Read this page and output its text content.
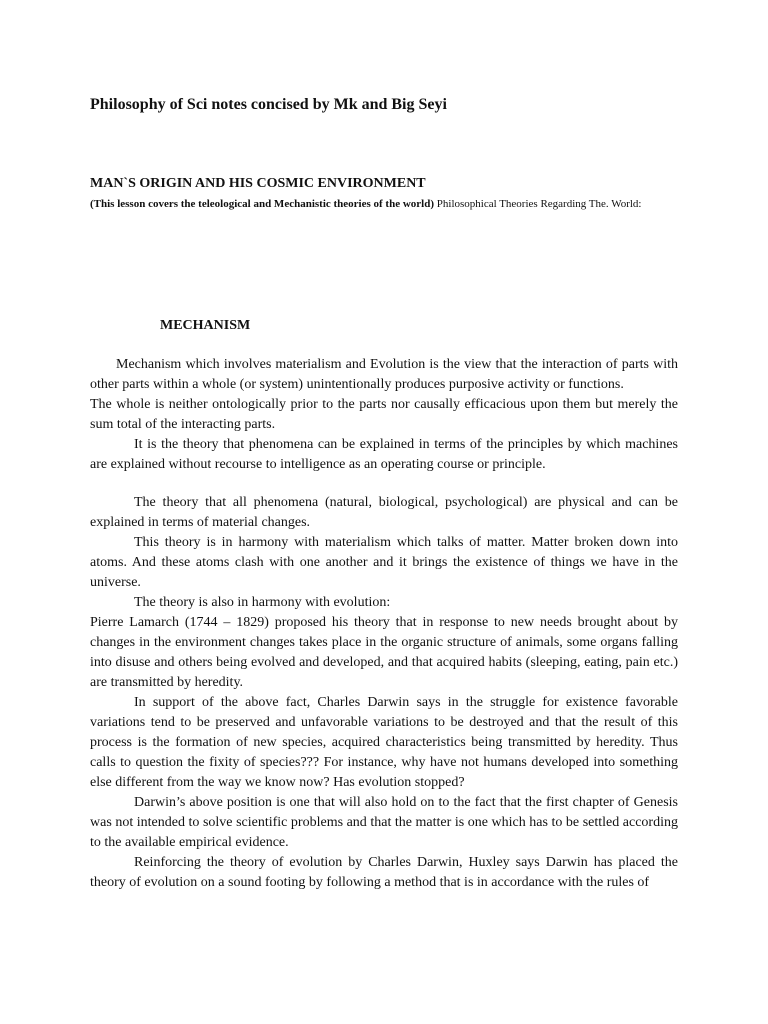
Philosophy of Sci notes concised by Mk and Big Seyi
MAN`S ORIGIN AND HIS COSMIC ENVIRONMENT

(This lesson covers the teleological and Mechanistic theories of the world) Philosophical Theories Regarding The. World:

MECHANISM

Mechanism which involves materialism and Evolution is the view that the interaction of parts with other parts within a whole (or system) unintentionally produces purposive activity or functions.

The whole is neither ontologically prior to the parts nor causally efficacious upon them but merely the sum total of the interacting parts.

It is the theory that phenomena can be explained in terms of the principles by which machines are explained without recourse to intelligence as an operating course or principle.

The theory that all phenomena (natural, biological, psychological) are physical and can be explained in terms of material changes.

This theory is in harmony with materialism which talks of matter. Matter broken down into atoms. And these atoms clash with one another and it brings the existence of things we have in the universe.

The theory is also in harmony with evolution:

Pierre Lamarch (1744 – 1829) proposed his theory that in response to new needs brought about by changes in the environment changes takes place in the organic structure of animals, some organs falling into disuse and others being evolved and developed, and that acquired habits (sleeping, eating, pain etc.) are transmitted by heredity.

In support of the above fact, Charles Darwin says in the struggle for existence favorable variations tend to be preserved and unfavorable variations to be destroyed and that the result of this process is the formation of new species, acquired characteristics being transmitted by heredity. Thus calls to question the fixity of species??? For instance, why have not humans developed into something else different from the way we know now? Has evolution stopped?

Darwin’s above position is one that will also hold on to the fact that the first chapter of Genesis was not intended to solve scientific problems and that the matter is one which has to be settled according to the available empirical evidence.

Reinforcing the theory of evolution by Charles Darwin, Huxley says Darwin has placed the theory of evolution on a sound footing by following a method that is in accordance with the rules of
